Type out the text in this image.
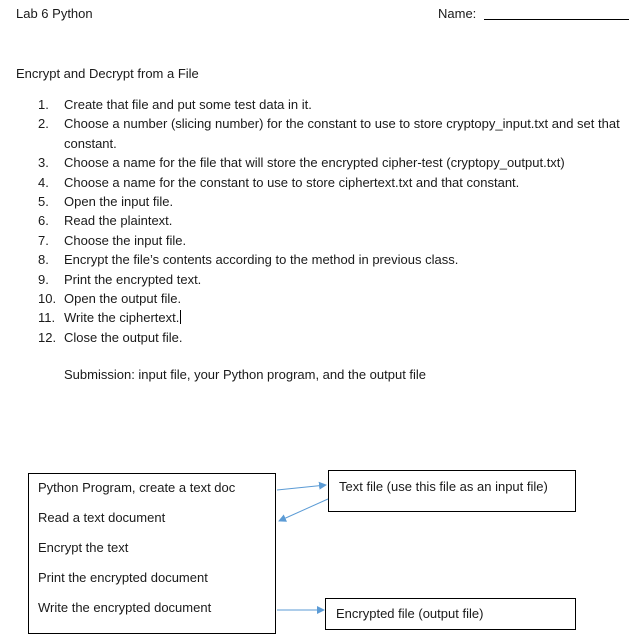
Lab 6 Python	Name:
Encrypt and Decrypt from a File
1.	Create that file and put some test data in it.
2.	Choose a number (slicing number) for the constant to use to store cryptopy_input.txt and set that constant.
3.	Choose a name for the file that will store the encrypted cipher-test (cryptopy_output.txt)
4.	Choose a name for the constant to use to store ciphertext.txt and that constant.
5.	Open the input file.
6.	Read the plaintext.
7.	Choose the input file.
8.	Encrypt the file’s contents according to the method in previous class.
9.	Print the encrypted text.
10. Open the output file.
11. Write the ciphertext.
12. Close the output file.
Submission: input file, your Python program, and the output file
Python Program, create a text doc
Read a text document
Encrypt the text
Print the encrypted document
Write the encrypted document
Text file (use this file as an input file)
Encrypted file (output file)
